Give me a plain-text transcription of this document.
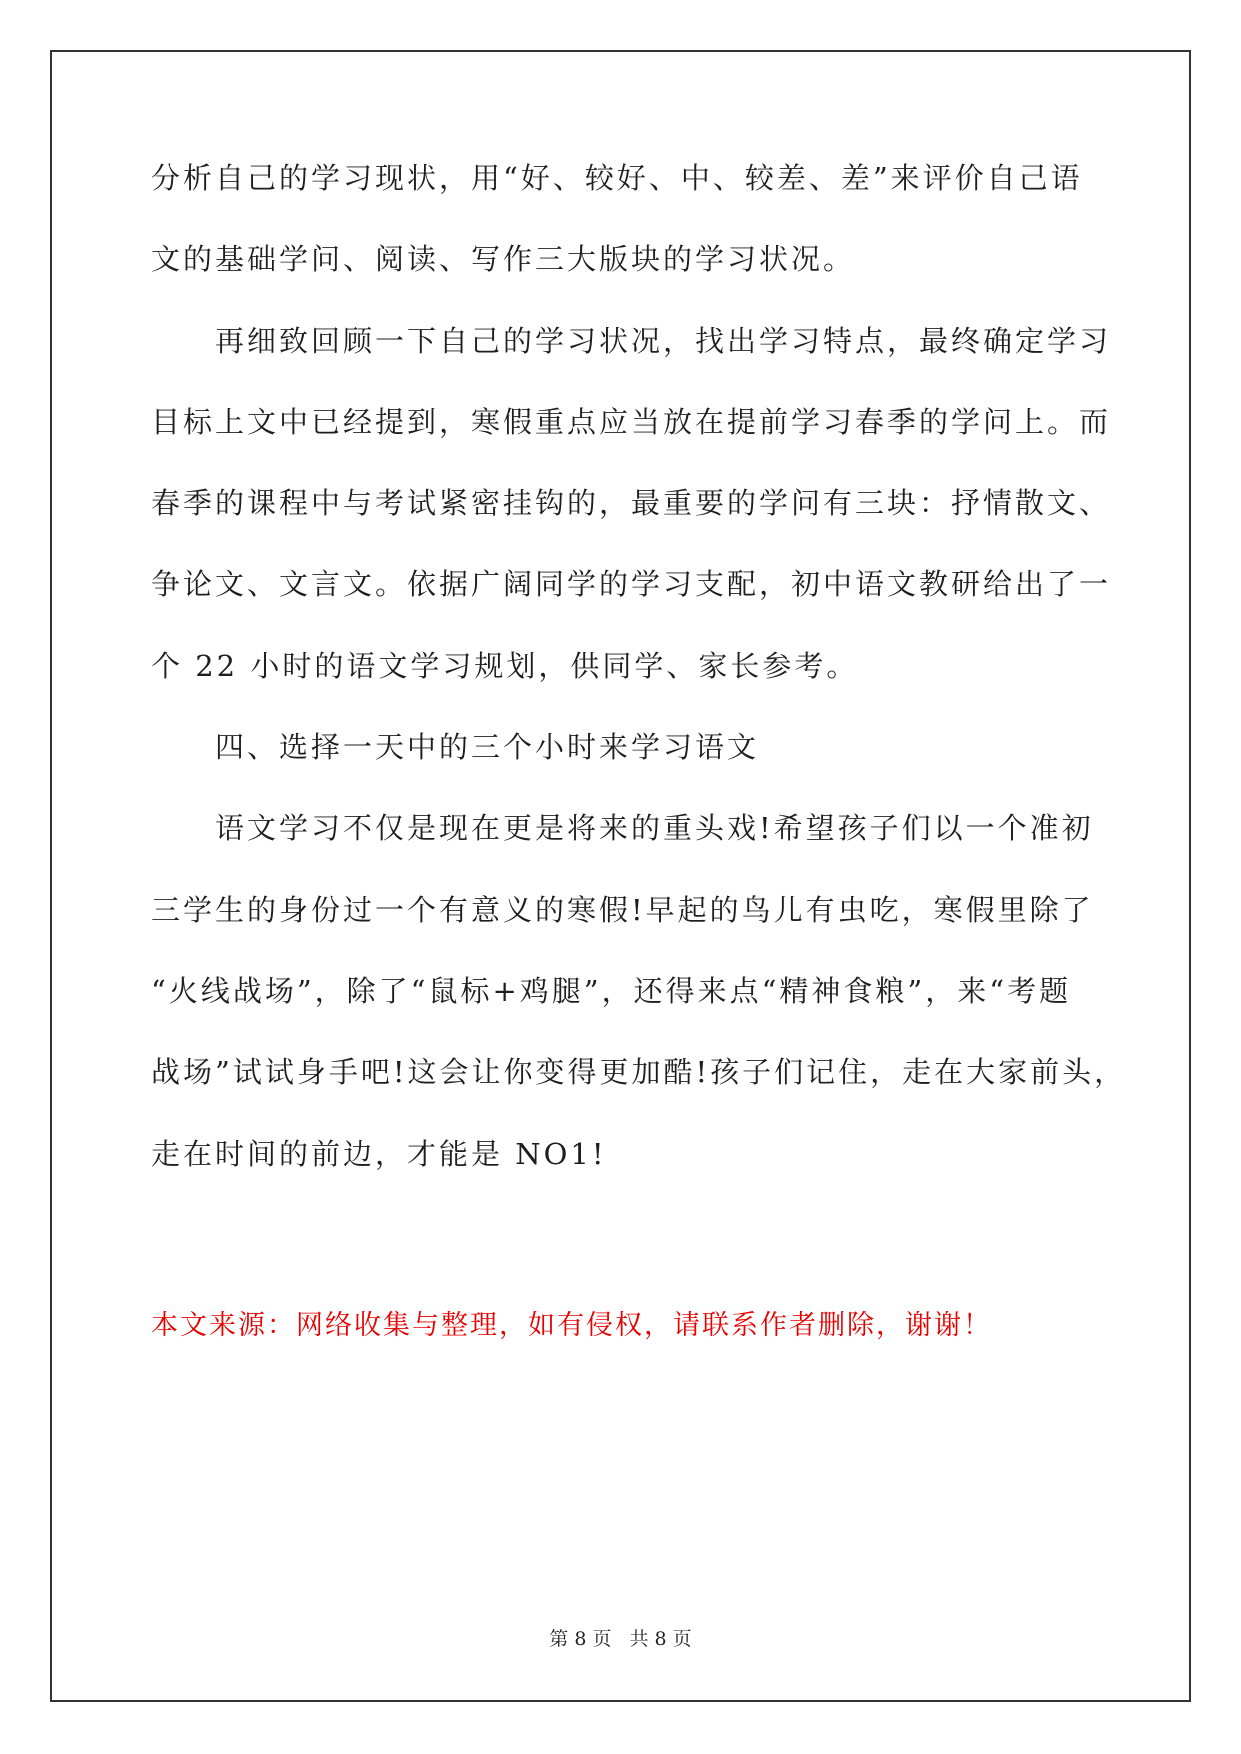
分析自己的学习现状，用“好、较好、中、较差、差”来评价自己语
文的基础学问、阅读、写作三大版块的学习状况。
再细致回顾一下自己的学习状况，找出学习特点，最终确定学习
目标上文中已经提到，寒假重点应当放在提前学习春季的学问上。而
春季的课程中与考试紧密挂钩的，最重要的学问有三块：抒情散文、
争论文、文言文。依据广阔同学的学习支配，初中语文教研给出了一
个 22 小时的语文学习规划，供同学、家长参考。
四、选择一天中的三个小时来学习语文
语文学习不仅是现在更是将来的重头戏!希望孩子们以一个准初
三学生的身份过一个有意义的寒假!早起的鸟儿有虫吃，寒假里除了
“火线战场”，除了“鼠标+鸡腿”，还得来点“精神食粮”，来“考题
战场”试试身手吧!这会让你变得更加酷!孩子们记住，走在大家前头，
走在时间的前边，才能是 NO1!
本文来源：网络收集与整理，如有侵权，请联系作者删除，谢谢！
第 8 页 共 8 页
